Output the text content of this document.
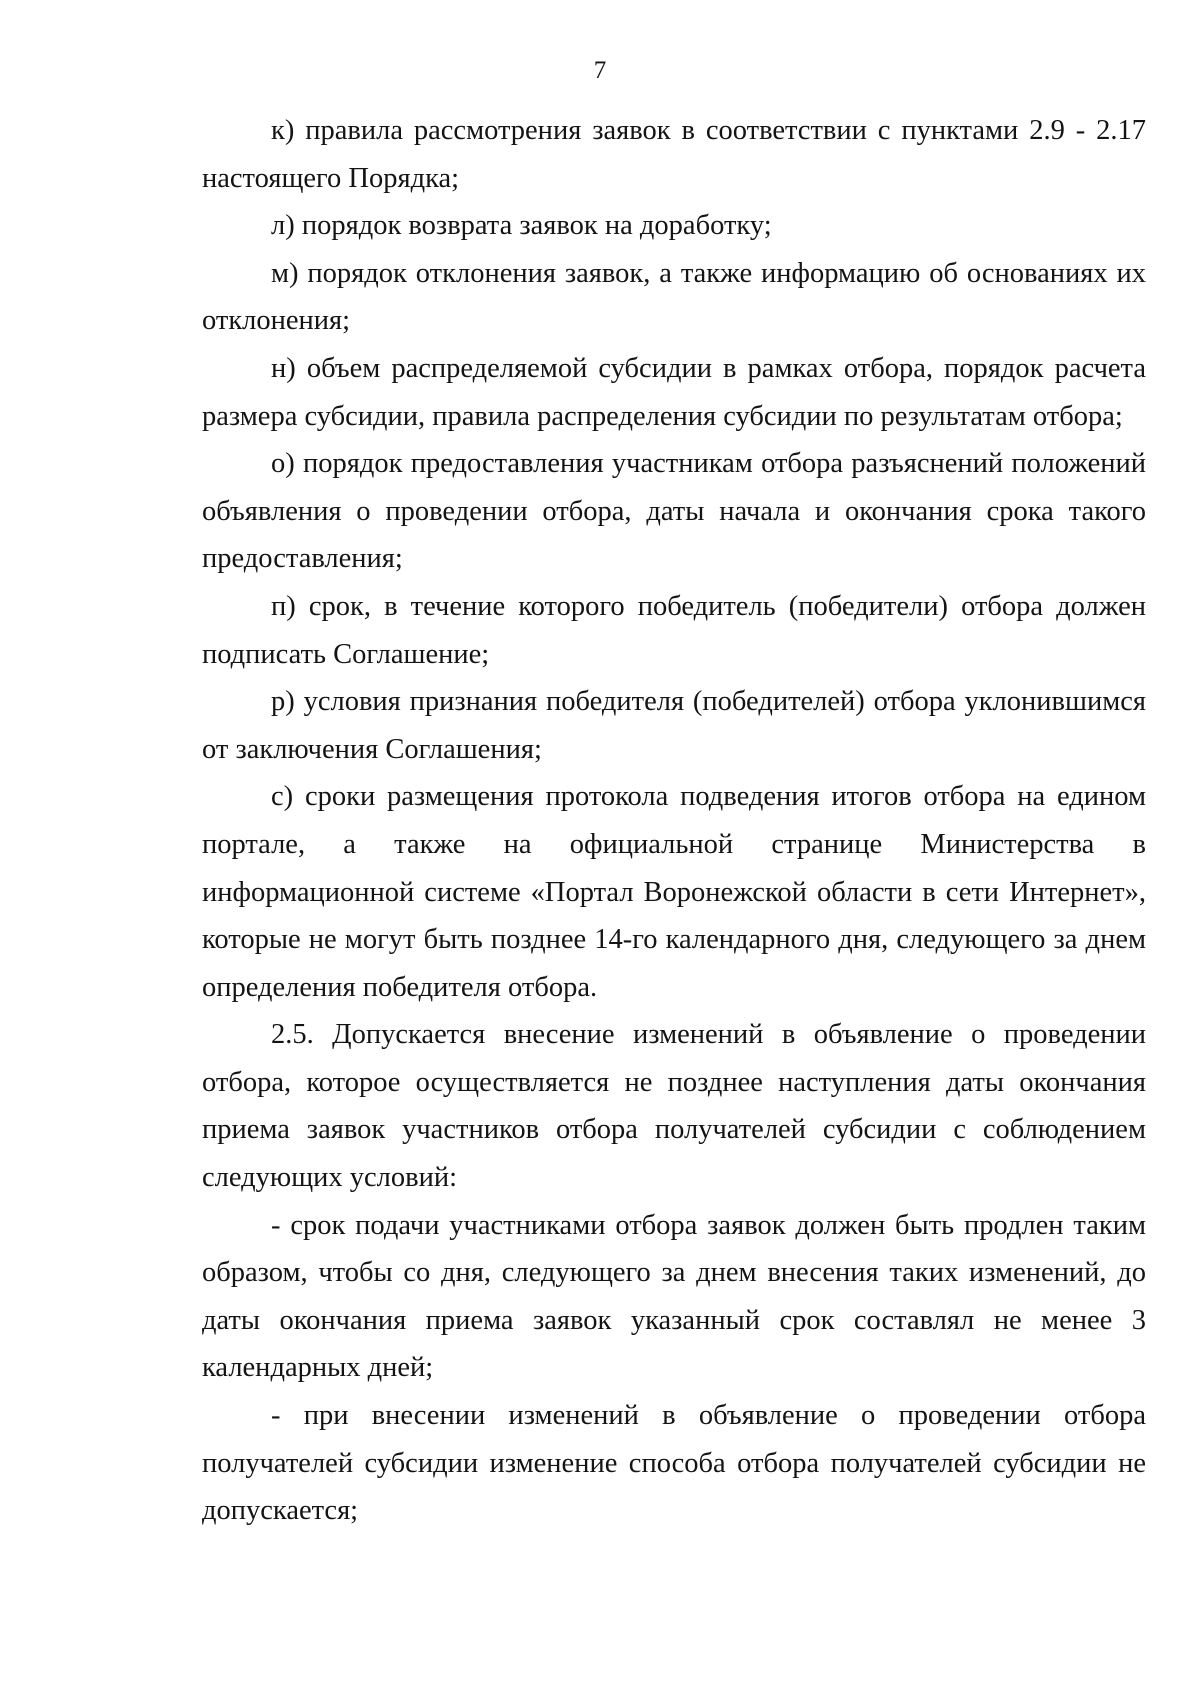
7

к) правила рассмотрения заявок в соответствии с пунктами 2.9 - 2.17 настоящего Порядка;

л) порядок возврата заявок на доработку;

м) порядок отклонения заявок, а также информацию об основаниях их отклонения;

н) объем распределяемой субсидии в рамках отбора, порядок расчета размера субсидии, правила распределения субсидии по результатам отбора;

о) порядок предоставления участникам отбора разъяснений положений объявления о проведении отбора, даты начала и окончания срока такого предоставления;

п) срок, в течение которого победитель (победители) отбора должен подписать Соглашение;

р) условия признания победителя (победителей) отбора уклонившимся от заключения Соглашения;

с) сроки размещения протокола подведения итогов отбора на едином портале, а также на официальной странице Министерства в информационной системе «Портал Воронежской области в сети Интернет», которые не могут быть позднее 14-го календарного дня, следующего за днем определения победителя отбора.

2.5. Допускается внесение изменений в объявление о проведении отбора, которое осуществляется не позднее наступления даты окончания приема заявок участников отбора получателей субсидии с соблюдением следующих условий:

- срок подачи участниками отбора заявок должен быть продлен таким образом, чтобы со дня, следующего за днем внесения таких изменений, до даты окончания приема заявок указанный срок составлял не менее 3 календарных дней;

- при внесении изменений в объявление о проведении отбора получателей субсидии изменение способа отбора получателей субсидии не допускается;
